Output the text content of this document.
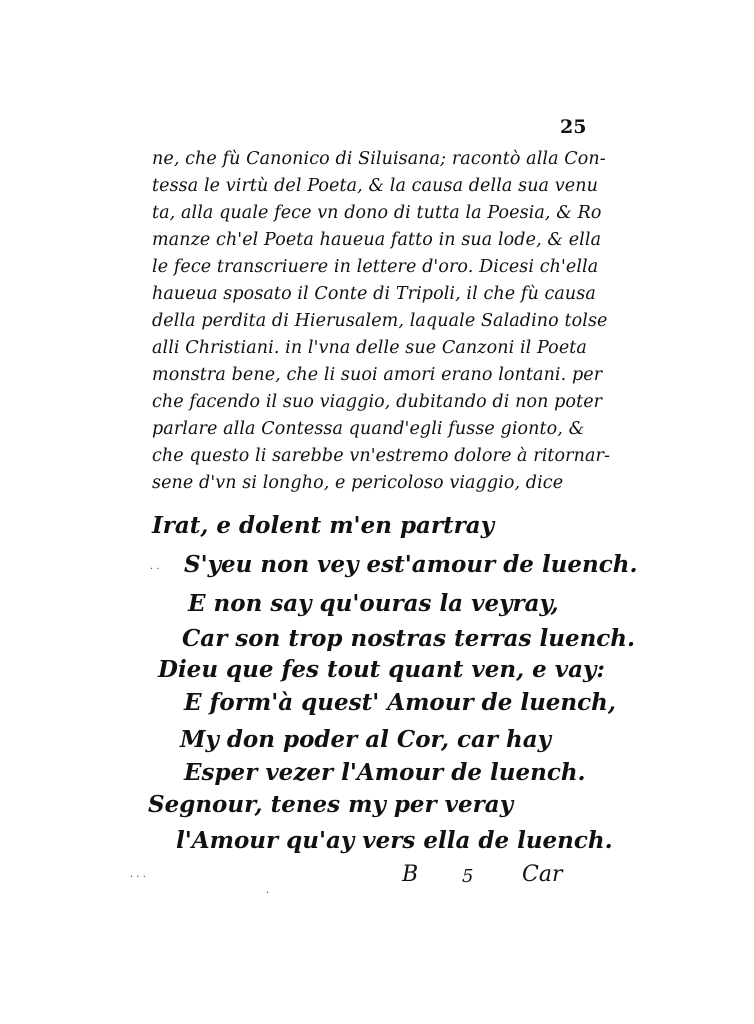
25
ne, che fù Canonico di Siluisana; racontò alla Con-
tessa le virtù del Poeta, & la causa della sua venu
ta, alla quale fece vn dono di tutta la Poesia, & Ro
manze ch'el Poeta haueua fatto in sua lode, & ella
le fece transcriuere in lettere d'oro. Dicesi ch'ella
haueua sposato il Conte di Tripoli, il che fù causa
della perdita di Hierusalem, laquale Saladino tolse
alli Christiani. in l'vna delle sue Canzoni il Poeta
monstra bene, che li suoi amori erano lontani. per
che facendo il suo viaggio, dubitando di non poter
parlare alla Contessa quand'egli fusse gionto, &
che questo li sarebbe vn'estremo dolore à ritornar-
sene d'vn si longho, e pericoloso viaggio, dice
Irat, e dolent m'en partray
S'yeu non vey est'amour de luench.
E non say qu'ouras la veyray,
Car son trop nostras terras luench.
Dieu que fes tout quant ven, e vay:
E form'à quest' Amour de luench,
My don poder al Cor, car hay
Esper vezer l'Amour de luench.
Segnour, tenes my per veray
l'Amour qu'ay vers ella de luench.
B 5 Car
· · ·
· ·
·
